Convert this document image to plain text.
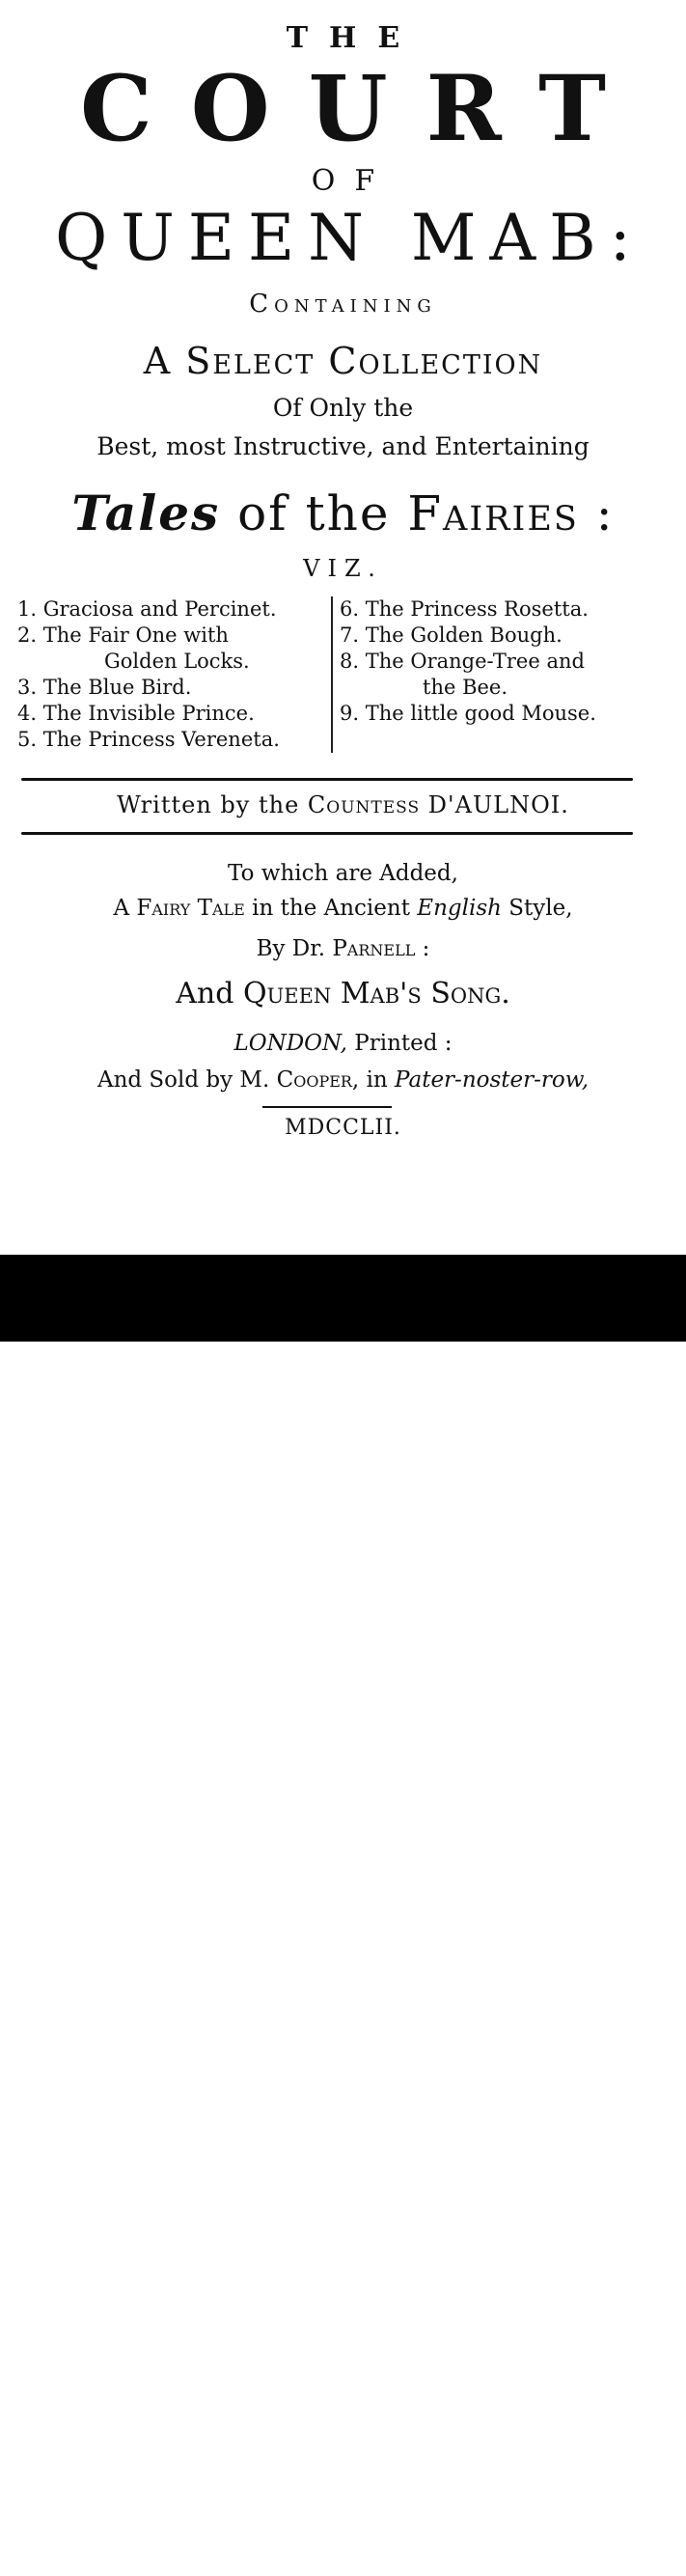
THE
COURT
OF
QUEEN MAB:
Containing
A Select Collection
Of Only the
Best, most Instructive, and Entertaining
Tales of the Fairies :
VIZ.
1. Graciosa and Percinet.
2. The Fair One with
Golden Locks.
3. The Blue Bird.
4. The Invisible Prince.
5. The Princess Vereneta.
6. The Princess Rosetta.
7. The Golden Bough.
8. The Orange-Tree and
the Bee.
9. The little good Mouse.
Written by the Countess D'AULNOI.
To which are Added,
A Fairy Tale in the Ancient English Style,
By Dr. Parnell :
And Queen Mab's Song.
LONDON, Printed :
And Sold by M. Cooper, in Pater-noster-row,
MDCCLII.
alamy	Image ID: P5XJMM
www.alamy.com
